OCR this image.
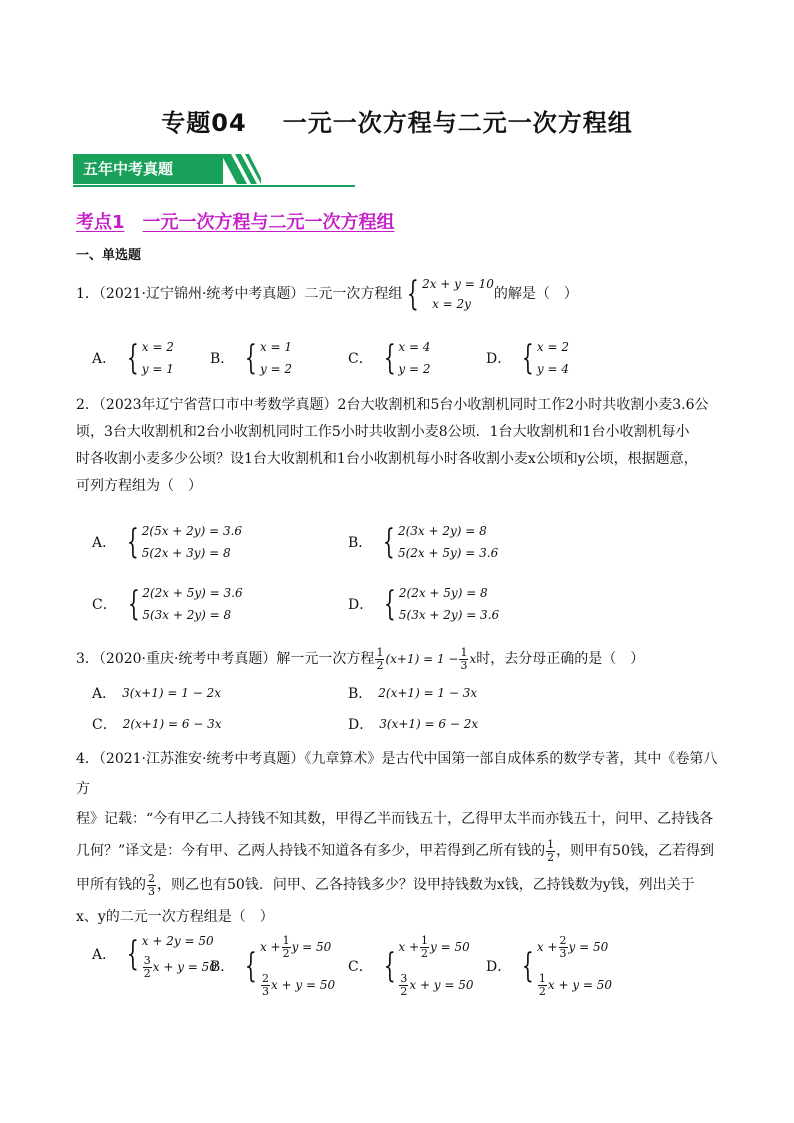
专题04 一元一次方程与二元一次方程组
五年中考真题
考点1 一元一次方程与二元一次方程组
一、单选题
1．（2021·辽宁锦州·统考中考真题）二元一次方程组 { 2x + y = 10
x = 2y
的解是（　）
A． { x = 2
y = 1
B． { x = 1
y = 2
C． { x = 4
y = 2
D． { x = 2
y = 4
2．（2023年辽宁省营口市中考数学真题）2台大收割机和5台小收割机同时工作2小时共收割小麦3.6公
顷，3台大收割机和2台小收割机同时工作5小时共收割小麦8公顷．1台大收割机和1台小收割机每小
时各收割小麦多少公顷？设1台大收割机和1台小收割机每小时各收割小麦x公顷和y公顷，根据题意，
可列方程组为（　）
A． { 2(5x + 2y) = 3.6
5(2x + 3y) = 8
B． { 2(3x + 2y) = 8
5(2x + 5y) = 3.6
C． { 2(2x + 5y) = 3.6
5(3x + 2y) = 8
D． { 2(2x + 5y) = 8
5(3x + 2y) = 3.6
3．（2020·重庆·统考中考真题）解一元一次方程 $\frac{1}{2} (x+1) = 1 - \frac{1}{3}$ x 时，去分母正确的是（　）
A． 3(x+1) = 1 − 2x	B． 2(x+1) = 1 − 3x
C． 2(x+1) = 6 − 3x	D． 3(x+1) = 6 − 2x
4．（2021·江苏淮安·统考中考真题）《九章算术》是古代中国第一部自成体系的数学专著，其中《卷第八方
程》记载：“今有甲乙二人持钱不知其数，甲得乙半而钱五十，乙得甲太半而亦钱五十，问甲、乙持钱各
几何？”译文是：今有甲、乙两人持钱不知道各有多少，甲若得到乙所有钱的 $\frac{1}{2}$ ，则甲有50钱，乙若得到

甲所有钱的 $\frac{2}{3}$ ，则乙也有50钱．问甲、乙各持钱多少？设甲持钱数为x钱，乙持钱数为y钱，列出关于
x、y的二元一次方程组是（　）
A． { x + 2y = 50
$\frac{3}{2}$ x + y = 50
B． { $x + \frac{1}{2}$ y = 50
$\frac{2}{3}$ x + y = 50
C． { $x + \frac{1}{2}$ y = 50
$\frac{3}{2}$ x + y = 50
D． { $x + \frac{2}{3}$ y = 50
$\frac{1}{2}$ x + y = 50
